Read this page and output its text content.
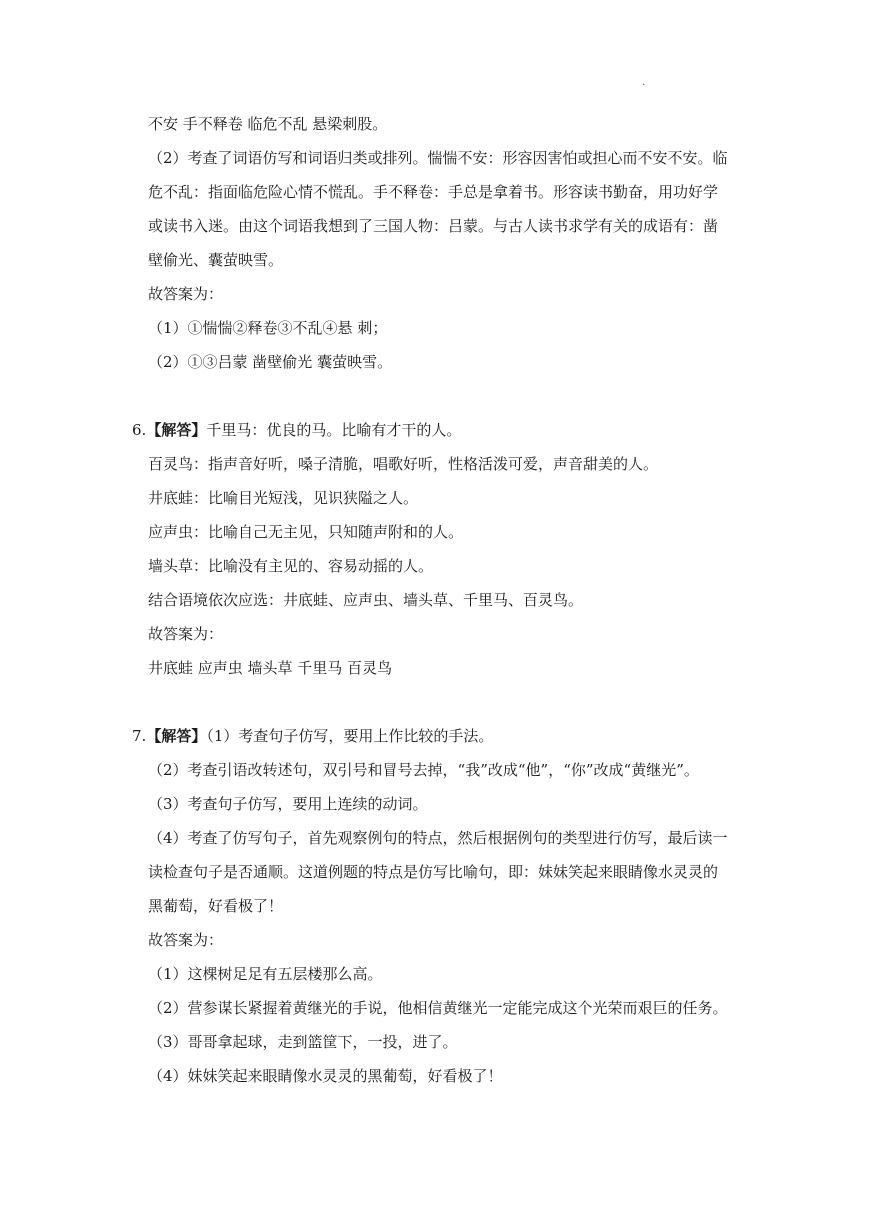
.

不安 手不释卷 临危不乱 悬梁刺股。

（2）考查了词语仿写和词语归类或排列。惴惴不安：形容因害怕或担心而不安不安。临

危不乱：指面临危险心情不慌乱。手不释卷：手总是拿着书。形容读书勤奋，用功好学

或读书入迷。由这个词语我想到了三国人物：吕蒙。与古人读书求学有关的成语有：凿

壁偷光、囊萤映雪。

故答案为：

（1）①惴惴②释卷③不乱④悬 刺；

（2）①③吕蒙 凿壁偷光 囊萤映雪。

6.【解答】千里马：优良的马。比喻有才干的人。

百灵鸟：指声音好听，嗓子清脆，唱歌好听，性格活泼可爱，声音甜美的人。

井底蛙：比喻目光短浅，见识狭隘之人。

应声虫：比喻自己无主见，只知随声附和的人。

墙头草：比喻没有主见的、容易动摇的人。

结合语境依次应选：井底蛙、应声虫、墙头草、千里马、百灵鸟。

故答案为：

井底蛙 应声虫 墙头草 千里马 百灵鸟

7.【解答】（1）考查句子仿写，要用上作比较的手法。

（2）考查引语改转述句，双引号和冒号去掉，“我”改成“他”，“你”改成“黄继光”。

（3）考查句子仿写，要用上连续的动词。

（4）考查了仿写句子，首先观察例句的特点，然后根据例句的类型进行仿写，最后读一

读检查句子是否通顺。这道例题的特点是仿写比喻句，即：妹妹笑起来眼睛像水灵灵的

黑葡萄，好看极了！

故答案为：

（1）这棵树足足有五层楼那么高。

（2）营参谋长紧握着黄继光的手说，他相信黄继光一定能完成这个光荣而艰巨的任务。

（3）哥哥拿起球，走到篮筐下，一投，进了。

（4）妹妹笑起来眼睛像水灵灵的黑葡萄，好看极了！
